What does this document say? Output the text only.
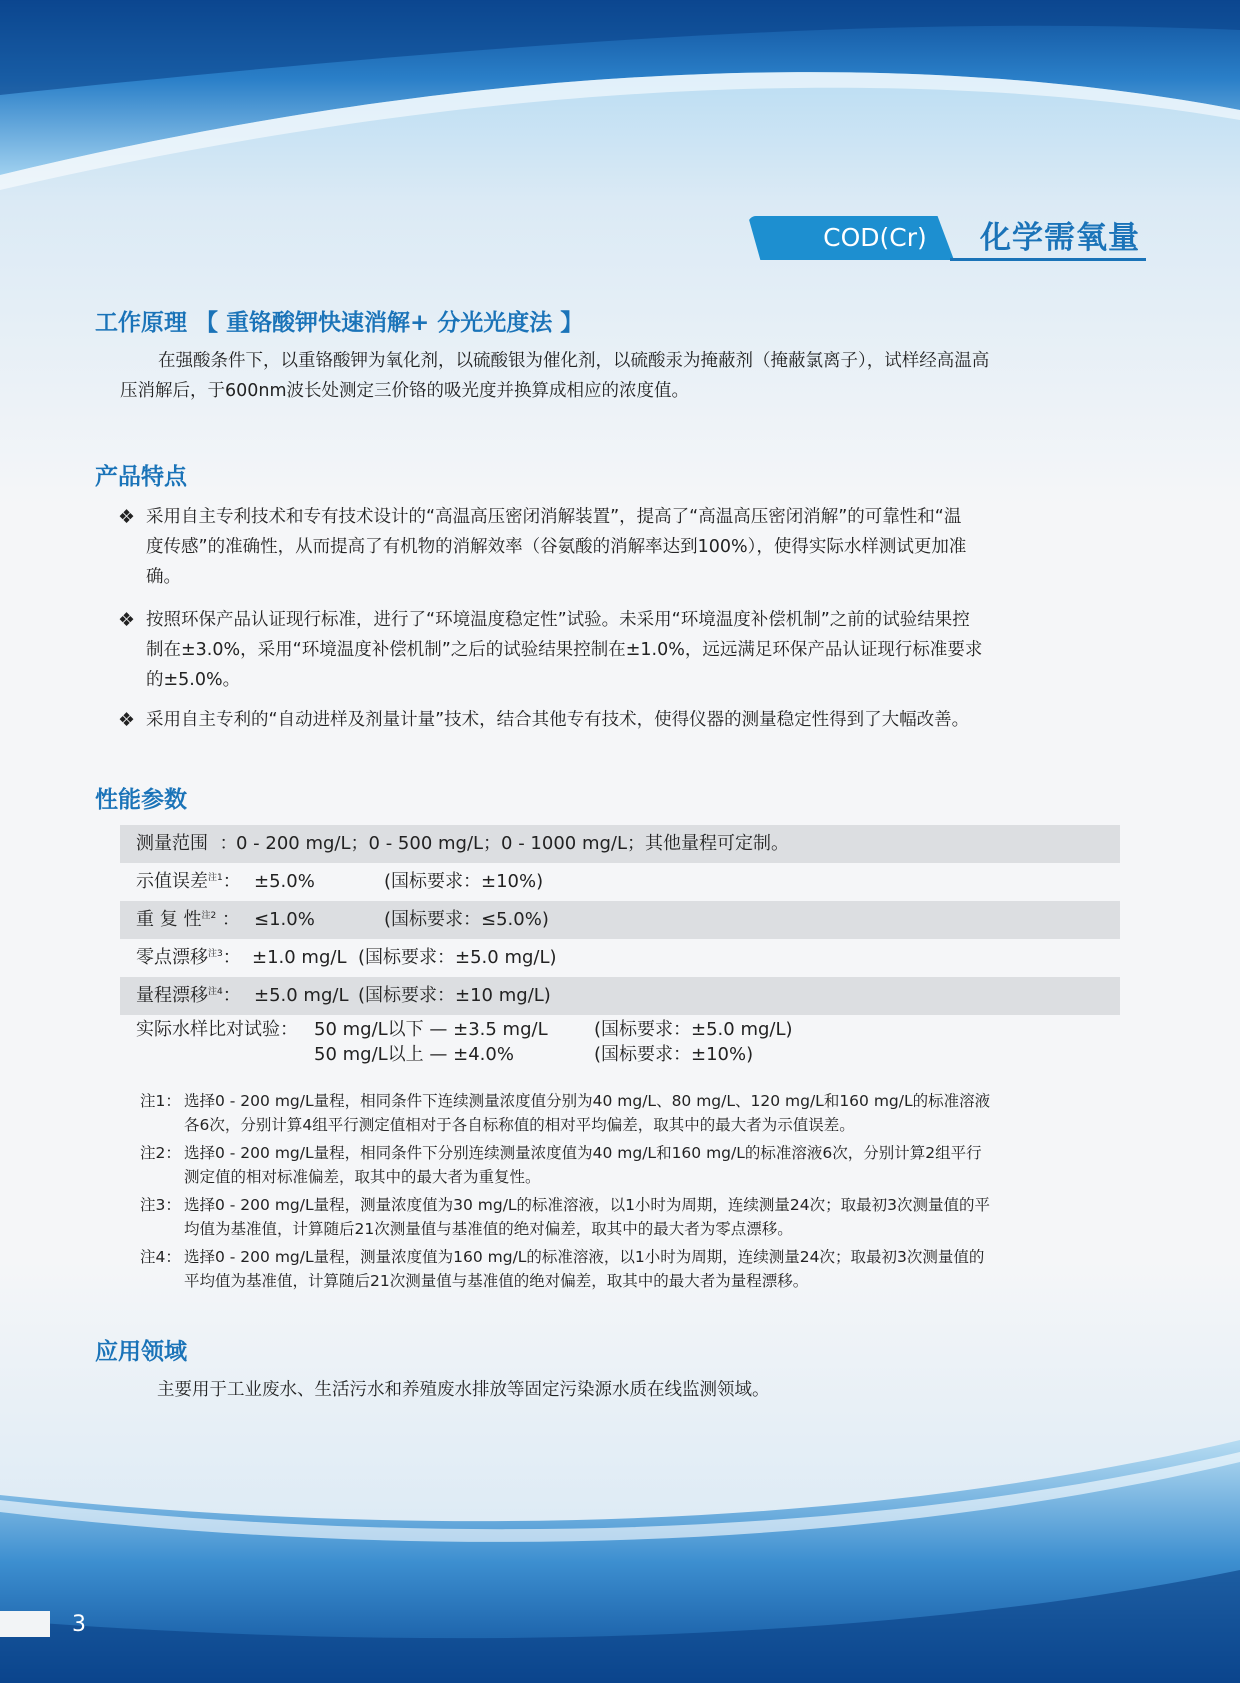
COD(Cr)	化学需氧量
工作原理 【 重铬酸钾快速消解+ 分光光度法 】
在强酸条件下，以重铬酸钾为氧化剂，以硫酸银为催化剂，以硫酸汞为掩蔽剂（掩蔽氯离子），试样经高温高
压消解后，于600nm波长处测定三价铬的吸光度并换算成相应的浓度值。
产品特点
❖ 采用自主专利技术和专有技术设计的“高温高压密闭消解装置”，提高了“高温高压密闭消解”的可靠性和“温
度传感”的准确性，从而提高了有机物的消解效率（谷氨酸的消解率达到100%），使得实际水样测试更加准
确。
❖ 按照环保产品认证现行标准，进行了“环境温度稳定性”试验。未采用“环境温度补偿机制”之前的试验结果控
制在±3.0%，采用“环境温度补偿机制”之后的试验结果控制在±1.0%，远远满足环保产品认证现行标准要求
的±5.0%。
❖ 采用自主专利的“自动进样及剂量计量”技术，结合其他专有技术，使得仪器的测量稳定性得到了大幅改善。
性能参数
测量范围 ：
0 - 200 mg/L；0 - 500 mg/L；0 - 1000 mg/L；其他量程可定制。
示值误差$^{注1}$： ±5.0%	(国标要求：±10%)
重 复 性$^{注2}$ ： ≤1.0%	(国标要求：≤5.0%)
零点漂移$^{注3}$： ±1.0 mg/L (国标要求：±5.0 mg/L)
量程漂移$^{注4}$： ±5.0 mg/L (国标要求：±10 mg/L)
实际水样比对试验： 50 mg/L以下 — ±3.5 mg/L	(国标要求：±5.0 mg/L)
50 mg/L以上 — ±4.0%	(国标要求：±10%)
注1： 选择0 - 200 mg/L量程，相同条件下连续测量浓度值分别为40 mg/L、80 mg/L、120 mg/L和160 mg/L的标准溶液
各6次，分别计算4组平行测定值相对于各自标称值的相对平均偏差，取其中的最大者为示值误差。
注2： 选择0 - 200 mg/L量程，相同条件下分别连续测量浓度值为40 mg/L和160 mg/L的标准溶液6次，分别计算2组平行
测定值的相对标准偏差，取其中的最大者为重复性。
注3： 选择0 - 200 mg/L量程，测量浓度值为30 mg/L的标准溶液，以1小时为周期，连续测量24次；取最初3次测量值的平
均值为基准值，计算随后21次测量值与基准值的绝对偏差，取其中的最大者为零点漂移。
注4： 选择0 - 200 mg/L量程，测量浓度值为160 mg/L的标准溶液，以1小时为周期，连续测量24次；取最初3次测量值的
平均值为基准值，计算随后21次测量值与基准值的绝对偏差，取其中的最大者为量程漂移。
应用领域
主要用于工业废水、生活污水和养殖废水排放等固定污染源水质在线监测领域。
3
